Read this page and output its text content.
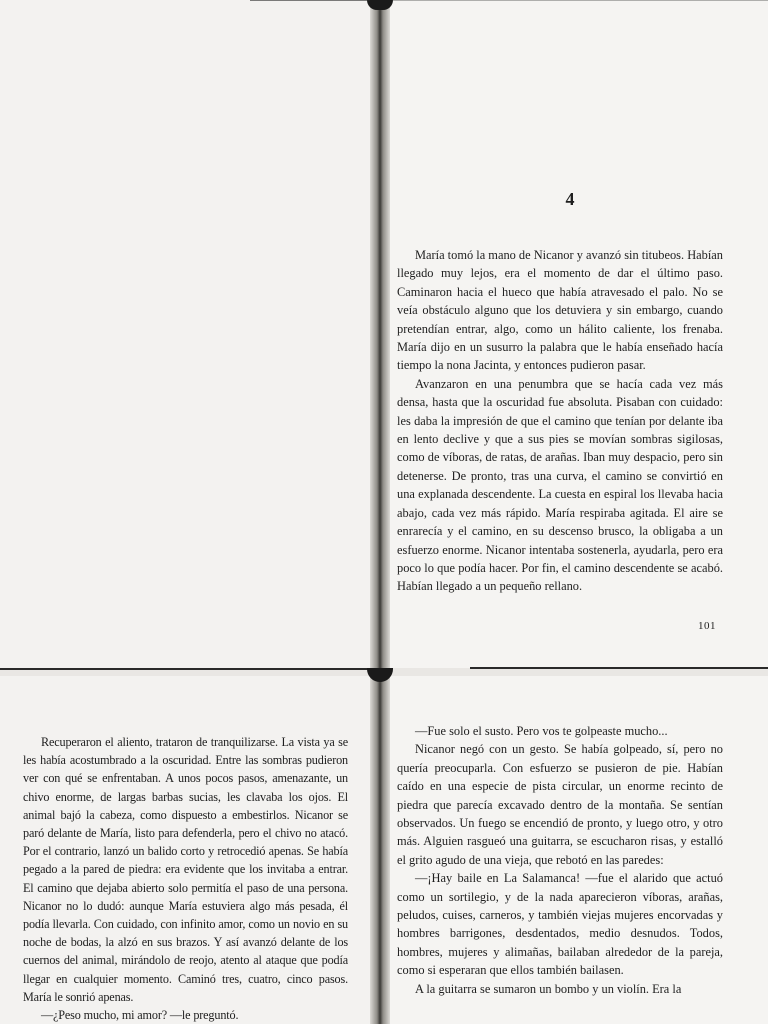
4

María tomó la mano de Nicanor y avanzó sin titubeos. Habían llegado muy lejos, era el momento de dar el último paso. Caminaron hacia el hueco que había atravesado el palo. No se veía obstáculo alguno que los detuviera y sin embargo, cuando pretendían entrar, algo, como un hálito caliente, los frenaba. María dijo en un susurro la palabra que le había enseñado hacía tiempo la nona Jacinta, y entonces pudieron pasar.

Avanzaron en una penumbra que se hacía cada vez más densa, hasta que la oscuridad fue absoluta. Pisaban con cuidado: les daba la impresión de que el camino que tenían por delante iba en lento declive y que a sus pies se movían sombras sigilosas, como de víboras, de ratas, de arañas. Iban muy despacio, pero sin detenerse. De pronto, tras una curva, el camino se convirtió en una explanada descendente. La cuesta en espiral los llevaba hacia abajo, cada vez más rápido. María respiraba agitada. El aire se enrarecía y el camino, en su descenso brusco, la obligaba a un esfuerzo enorme. Nicanor intentaba sostenerla, ayudarla, pero era poco lo que podía hacer. Por fin, el camino descendente se acabó. Habían llegado a un pequeño rellano.

101

Recuperaron el aliento, trataron de tranquilizarse. La vista ya se les había acostumbrado a la oscuridad. Entre las sombras pudieron ver con qué se enfrentaban. A unos pocos pasos, amenazante, un chivo enorme, de largas barbas sucias, les clavaba los ojos. El animal bajó la cabeza, como dispuesto a embestirlos. Nicanor se paró delante de María, listo para defenderla, pero el chivo no atacó. Por el contrario, lanzó un balido corto y retrocedió apenas. Se había pegado a la pared de piedra: era evidente que los invitaba a entrar. El camino que dejaba abierto solo permitía el paso de una persona. Nicanor no lo dudó: aunque María estuviera algo más pesada, él podía llevarla. Con cuidado, con infinito amor, como un novio en su noche de bodas, la alzó en sus brazos. Y así avanzó delante de los cuernos del animal, mirándolo de reojo, atento al ataque que podía llegar en cualquier momento. Caminó tres, cuatro, cinco pasos. María le sonrió apenas.

—¿Peso mucho, mi amor? —le preguntó.

—Fue solo el susto. Pero vos te golpeaste mucho...

Nicanor negó con un gesto. Se había golpeado, sí, pero no quería preocuparla. Con esfuerzo se pusieron de pie. Habían caído en una especie de pista circular, un enorme recinto de piedra que parecía excavado dentro de la montaña. Se sentían observados. Un fuego se encendió de pronto, y luego otro, y otro más. Alguien rasgueó una guitarra, se escucharon risas, y estalló el grito agudo de una vieja, que rebotó en las paredes:

—¡Hay baile en La Salamanca! —fue el alarido que actuó como un sortilegio, y de la nada aparecieron víboras, arañas, peludos, cuises, carneros, y también viejas mujeres encorvadas y hombres barrigones, desdentados, medio desnudos. Todos, hombres, mujeres y alimañas, bailaban alrededor de la pareja, como si esperaran que ellos también bailasen.

A la guitarra se sumaron un bombo y un violín. Era la
